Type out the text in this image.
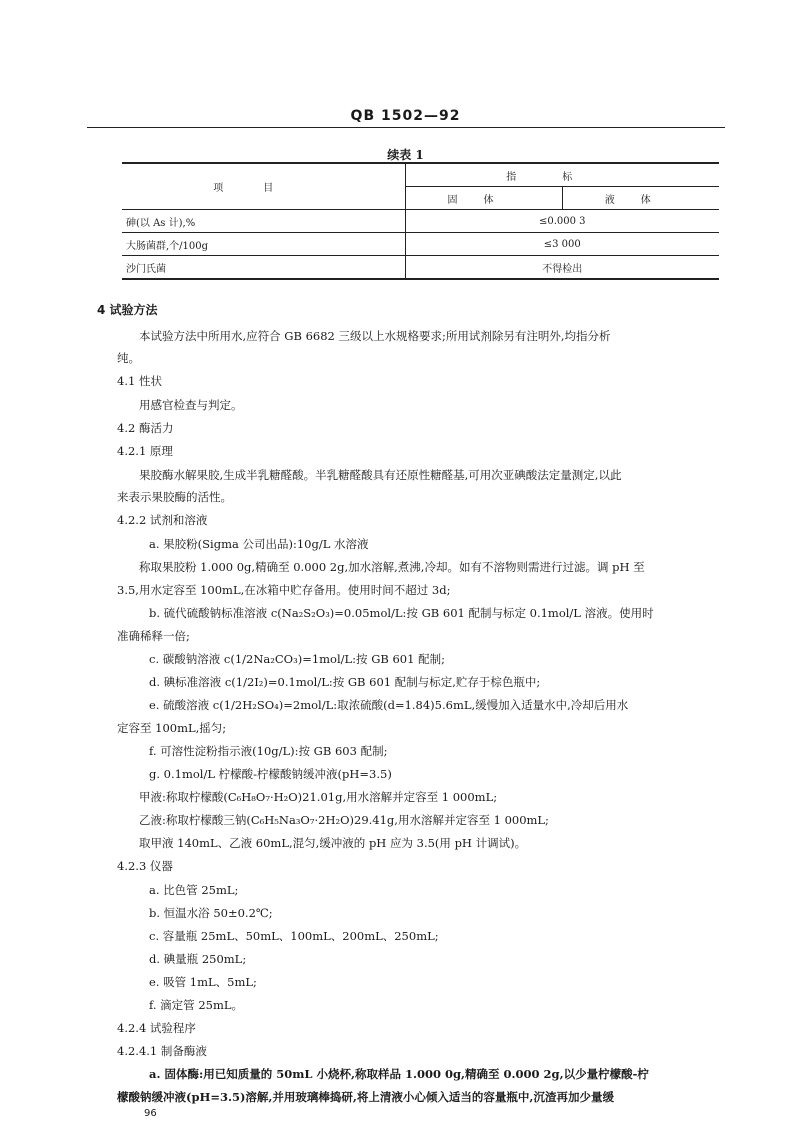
QB 1502—92
续表 1
项目	指标	
	固体	液体
砷(以 As 计),%	≤0.000 3	
大肠菌群,个/100g	≤3 000	
沙门氏菌	不得检出	
4 试验方法
本试验方法中所用水,应符合 GB 6682 三级以上水规格要求;所用试剂除另有注明外,均指分析
纯。
4.1 性状
用感官检查与判定。
4.2 酶活力
4.2.1 原理
果胶酶水解果胶,生成半乳糖醛酸。半乳糖醛酸具有还原性糖醛基,可用次亚碘酸法定量测定,以此
来表示果胶酶的活性。
4.2.2 试剂和溶液
a. 果胶粉(Sigma 公司出品):10g/L 水溶液
称取果胶粉 1.000 0g,精确至 0.000 2g,加水溶解,煮沸,冷却。如有不溶物则需进行过滤。调 pH 至
3.5,用水定容至 100mL,在冰箱中贮存备用。使用时间不超过 3d;
b. 硫代硫酸钠标准溶液 c(Na₂S₂O₃)=0.05mol/L:按 GB 601 配制与标定 0.1mol/L 溶液。使用时
准确稀释一倍;
c. 碳酸钠溶液 c(1/2Na₂CO₃)=1mol/L:按 GB 601 配制;
d. 碘标准溶液 c(1/2I₂)=0.1mol/L:按 GB 601 配制与标定,贮存于棕色瓶中;
e. 硫酸溶液 c(1/2H₂SO₄)=2mol/L:取浓硫酸(d=1.84)5.6mL,缓慢加入适量水中,冷却后用水
定容至 100mL,摇匀;
f. 可溶性淀粉指示液(10g/L):按 GB 603 配制;
g. 0.1mol/L 柠檬酸-柠檬酸钠缓冲液(pH=3.5)
甲液:称取柠檬酸(C₆H₈O₇·H₂O)21.01g,用水溶解并定容至 1 000mL;
乙液:称取柠檬酸三钠(C₆H₅Na₃O₇·2H₂O)29.41g,用水溶解并定容至 1 000mL;
取甲液 140mL、乙液 60mL,混匀,缓冲液的 pH 应为 3.5(用 pH 计调试)。
4.2.3 仪器
a. 比色管 25mL;
b. 恒温水浴 50±0.2℃;
c. 容量瓶 25mL、50mL、100mL、200mL、250mL;
d. 碘量瓶 250mL;
e. 吸管 1mL、5mL;
f. 滴定管 25mL。
4.2.4 试验程序
4.2.4.1 制备酶液
a. 固体酶:用已知质量的 50mL 小烧杯,称取样品 1.000 0g,精确至 0.000 2g,以少量柠檬酸-柠
檬酸钠缓冲液(pH=3.5)溶解,并用玻璃棒捣研,将上清液小心倾入适当的容量瓶中,沉渣再加少量缓
96
